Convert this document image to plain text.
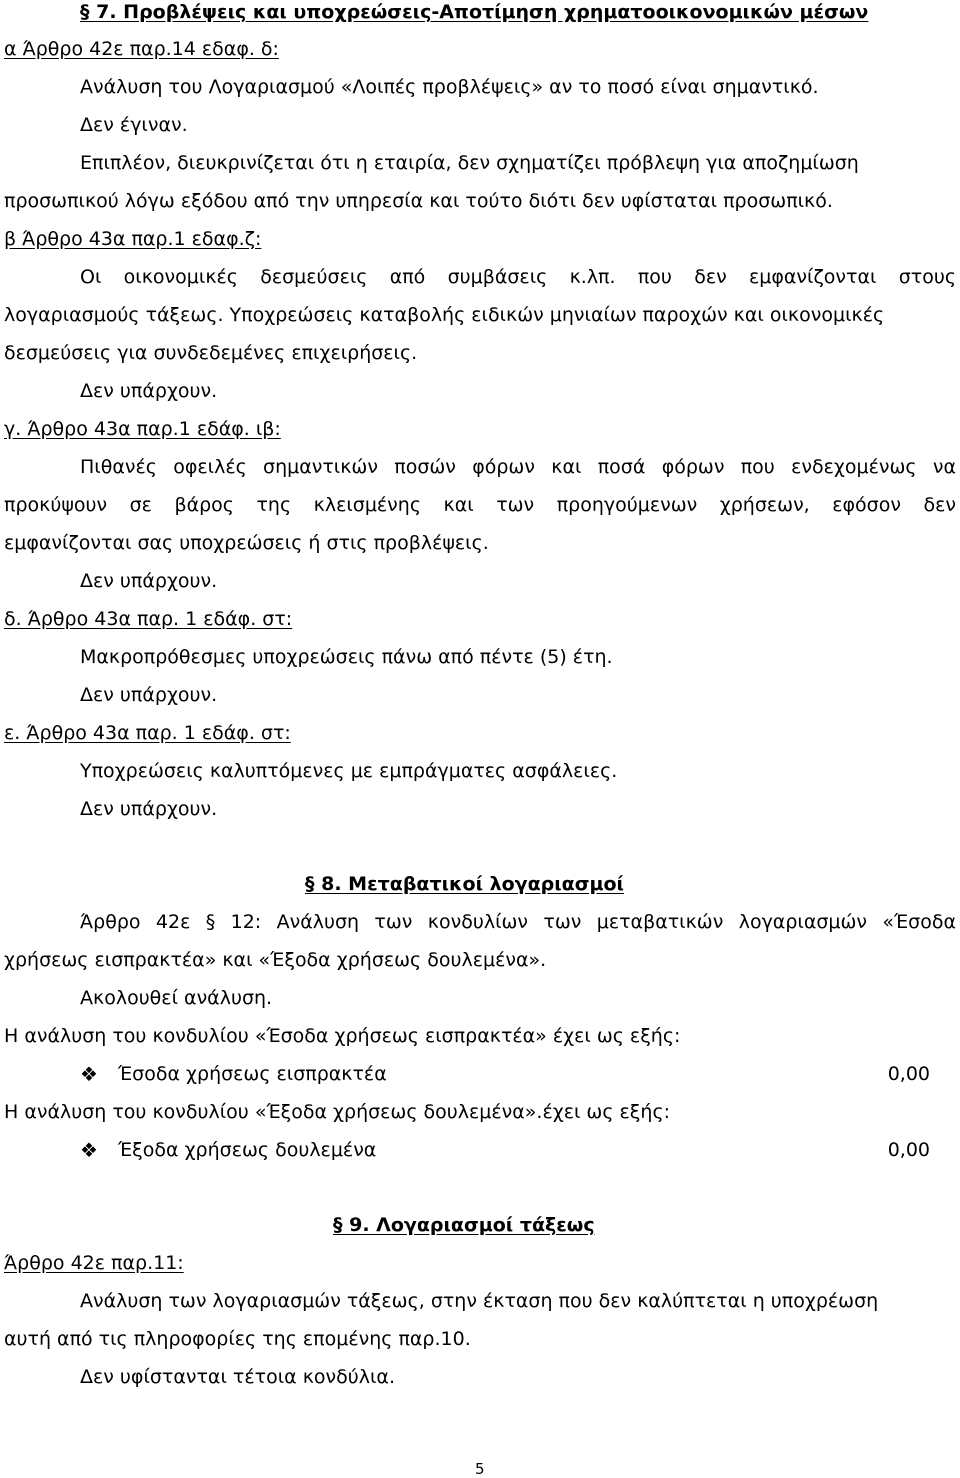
§ 7. Προβλέψεις και υποχρεώσεις-Αποτίμηση χρηματοοικονομικών μέσων
α Άρθρο 42ε παρ.14 εδαφ. δ:
Ανάλυση του Λογαριασμού «Λοιπές προβλέψεις» αν το ποσό είναι σημαντικό.
Δεν έγιναν.
Επιπλέον, διευκρινίζεται ότι η εταιρία, δεν σχηματίζει πρόβλεψη για αποζημίωση
προσωπικού λόγω εξόδου από την υπηρεσία και τούτο διότι δεν υφίσταται προσωπικό.
β Άρθρο 43α παρ.1 εδαφ.ζ:
Οι οικονομικές δεσμεύσεις από συμβάσεις κ.λπ. που δεν εμφανίζονται στους
λογαριασμούς τάξεως. Υποχρεώσεις καταβολής ειδικών μηνιαίων παροχών και οικονομικές
δεσμεύσεις για συνδεδεμένες επιχειρήσεις.
Δεν υπάρχουν.
γ. Άρθρο 43α παρ.1 εδάφ. ιβ:
Πιθανές οφειλές σημαντικών ποσών φόρων και ποσά φόρων που ενδεχομένως να
προκύψουν σε βάρος της κλεισμένης και των προηγούμενων χρήσεων, εφόσον δεν
εμφανίζονται σας υποχρεώσεις ή στις προβλέψεις.
Δεν υπάρχουν.
δ. Άρθρο 43α παρ. 1 εδάφ. στ:
Μακροπρόθεσμες υποχρεώσεις πάνω από πέντε (5) έτη.
Δεν υπάρχουν.
ε. Άρθρο 43α παρ. 1 εδάφ. στ:
Υποχρεώσεις καλυπτόμενες με εμπράγματες ασφάλειες.
Δεν υπάρχουν.
§ 8. Μεταβατικοί λογαριασμοί
Άρθρο 42ε § 12: Ανάλυση των κονδυλίων των μεταβατικών λογαριασμών «Έσοδα
χρήσεως εισπρακτέα» και «Έξοδα χρήσεως δουλεμένα».
Ακολουθεί ανάλυση.
Η ανάλυση του κονδυλίου «Έσοδα χρήσεως εισπρακτέα» έχει ως εξής:
❖ Έσοδα χρήσεως εισπρακτέα	0,00
Η ανάλυση του κονδυλίου «Έξοδα χρήσεως δουλεμένα».έχει ως εξής:
❖ Έξοδα χρήσεως δουλεμένα	0,00
§ 9. Λογαριασμοί τάξεως
Άρθρο 42ε παρ.11:
Ανάλυση των λογαριασμών τάξεως, στην έκταση που δεν καλύπτεται η υποχρέωση
αυτή από τις πληροφορίες της επομένης παρ.10.
Δεν υφίστανται τέτοια κονδύλια.
5
